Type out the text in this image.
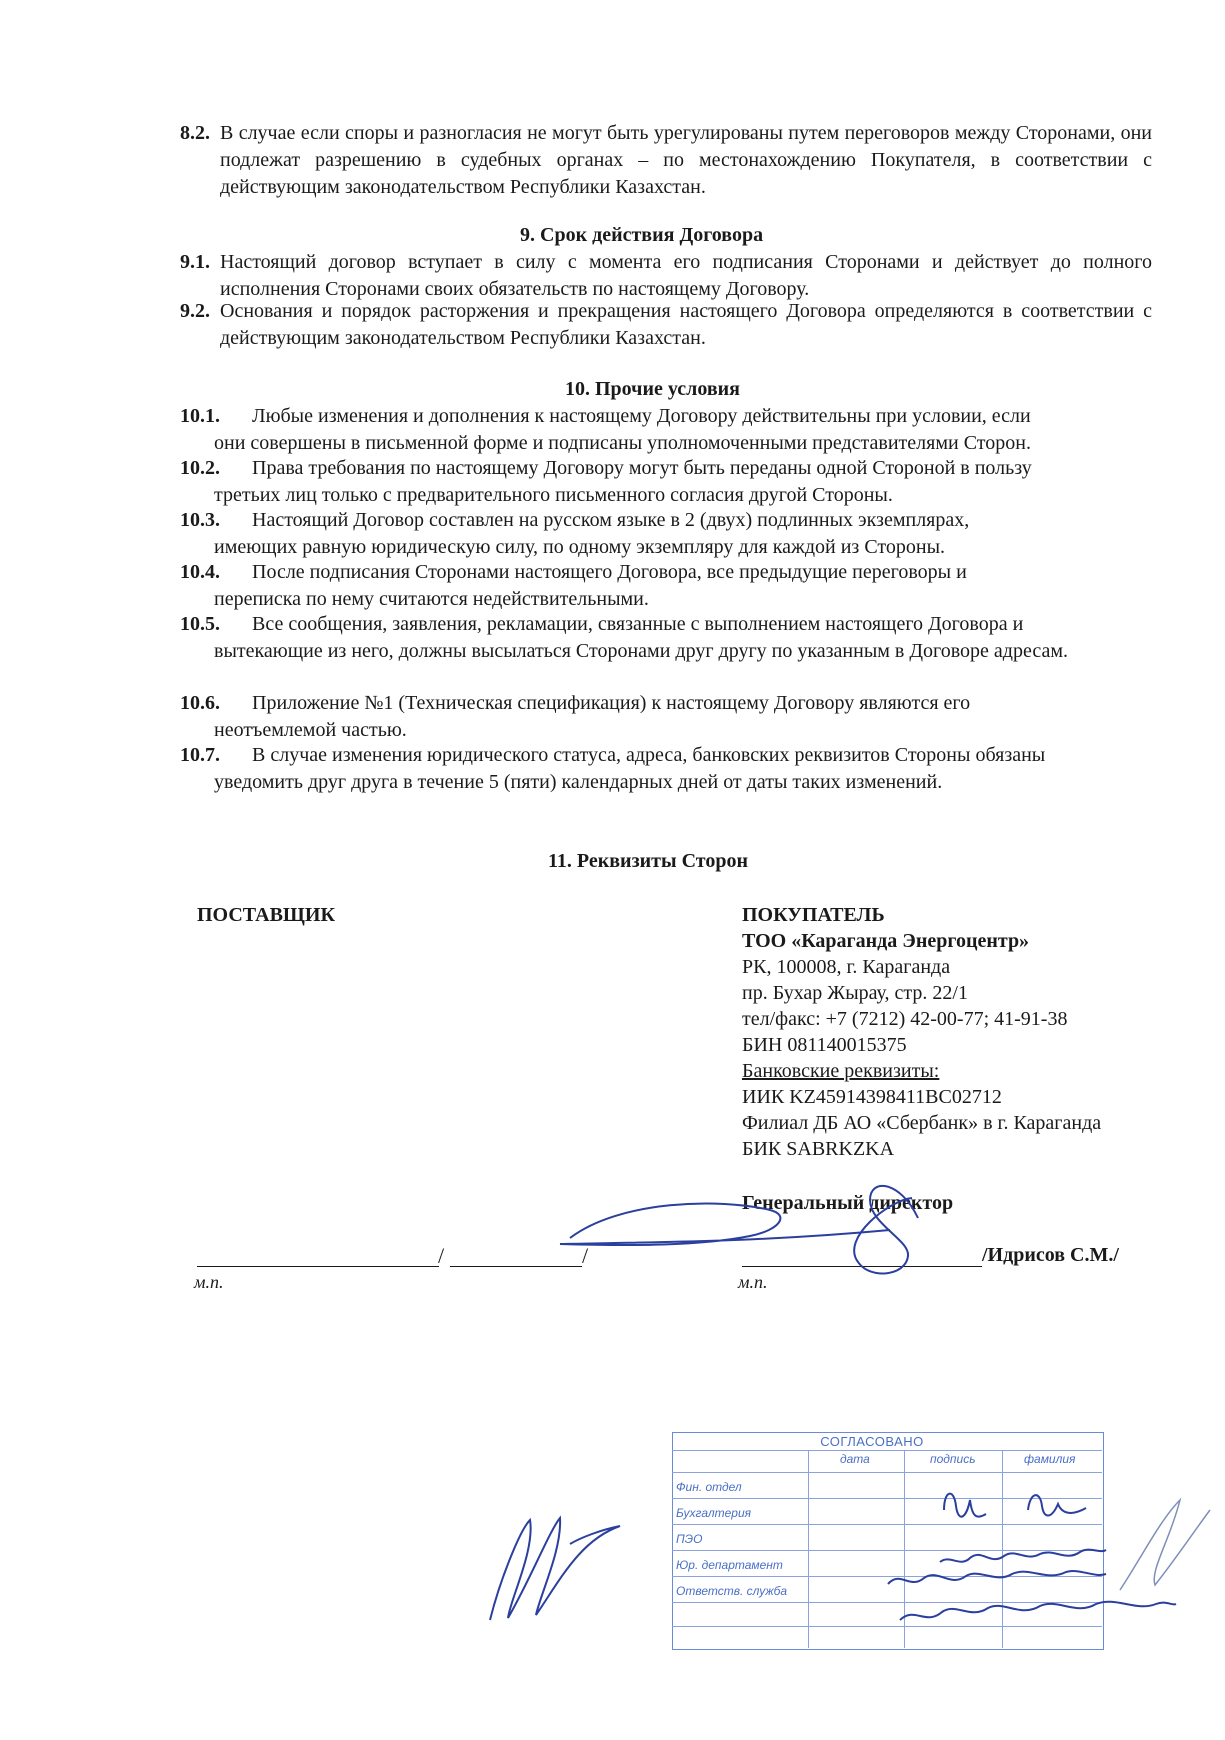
8.2. В случае если споры и разногласия не могут быть урегулированы путем переговоров между Сторонами, они подлежат разрешению в судебных органах – по местонахождению Покупателя, в соответствии с действующим законодательством Республики Казахстан.
9. Срок действия Договора
9.1. Настоящий договор вступает в силу с момента его подписания Сторонами и действует до полного исполнения Сторонами своих обязательств по настоящему Договору.
9.2. Основания и порядок расторжения и прекращения настоящего Договора определяются в соответствии с действующим законодательством Республики Казахстан.
10. Прочие условия
10.1.	Любые изменения и дополнения к настоящему Договору действительны при условии, если
они совершены в письменной форме и подписаны уполномоченными представителями Сторон.
10.2.	Права требования по настоящему Договору могут быть переданы одной Стороной в пользу
третьих лиц только с предварительного письменного согласия другой Стороны.
10.3.	Настоящий Договор составлен на русском языке в 2 (двух) подлинных экземплярах,
имеющих равную юридическую силу, по одному экземпляру для каждой из Стороны.
10.4.	После подписания Сторонами настоящего Договора, все предыдущие переговоры и
переписка по нему считаются недействительными.
10.5.	Все сообщения, заявления, рекламации, связанные с выполнением настоящего Договора и
вытекающие из него, должны высылаться Сторонами друг другу по указанным в Договоре адресам.
10.6.	Приложение №1 (Техническая спецификация) к настоящему Договору являются его
неотъемлемой частью.
10.7.	В случае изменения юридического статуса, адреса, банковских реквизитов Стороны обязаны
уведомить друг друга в течение 5 (пяти) календарных дней от даты таких изменений.
11. Реквизиты Сторон
ПОСТАВЩИК	ПОКУПАТЕЛЬ
ТОО «Караганда Энергоцентр»
РК, 100008, г. Караганда
пр. Бухар Жырау, стр. 22/1
тел/факс: +7 (7212) 42-00-77; 41-91-38
БИН 081140015375
Банковские реквизиты:
ИИК KZ45914398411BC02712
Филиал ДБ АО «Сбербанк» в г. Караганда
БИК SABRKZKA
Генеральный директор
/	/
м.п.
/Идрисов С.М./
м.п.
СОГЛАСОВАНО
дата	подпись	фамилия
Фин. отдел
Бухгалтерия
ПЭО
Юр. департамент
Ответств. служба
